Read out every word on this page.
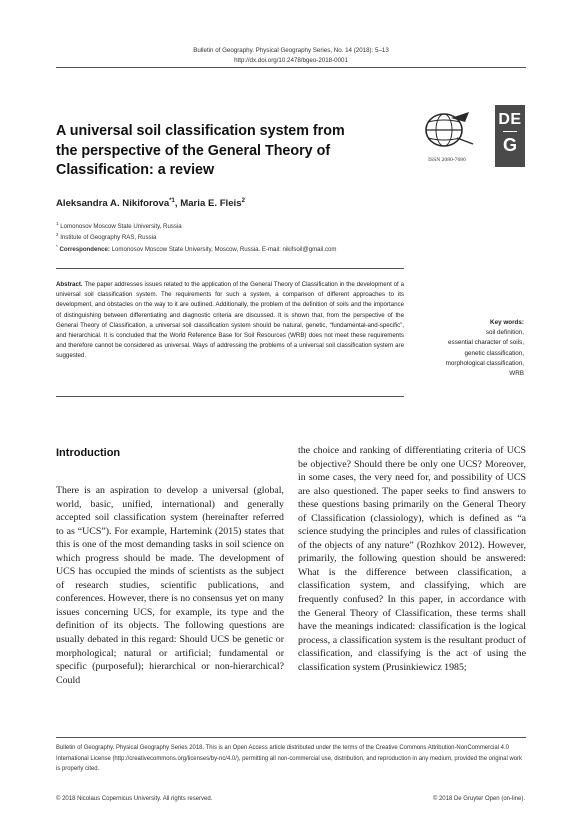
Bulletin of Geography. Physical Geography Series, No. 14 (2018): 5–13
http://dx.doi.org/10.2478/bgeo-2018-0001
ISSN 2080-7686
DE
G
A universal soil classification system from the perspective of the General Theory of Classification: a review
Aleksandra A. Nikiforova$^{*1}$, Maria E. Fleis$^2$
$^1$ Lomonosov Moscow State University, Russia
$^2$ Institute of Geography RAS, Russia
* Correspondence: Lomonosov Moscow State University, Moscow, Russia. E-mail: nikifsoil@gmail.com

Abstract. The paper addresses issues related to the application of the General Theory of Classification in the development of a universal soil classification system. The requirements for such a system, a comparison of different approaches to its development, and obstacles on the way to it are outlined. Additionally, the problem of the definition of soils and the importance of distinguishing between differentiating and diagnostic criteria are discussed. It is shown that, from the perspective of the General Theory of Classification, a universal soil classification system should be natural, genetic, “fundamental-and-specific”, and hierarchical. It is concluded that the World Reference Base for Soil Resources (WRB) does not meet these requirements and therefore cannot be considered as universal. Ways of addressing the problems of a universal soil classification system are suggested.

Key words:
soil definition,
essential character of soils,
genetic classification,
morphological classification,
WRB
Introduction

There is an aspiration to develop a universal (global, world, basic, unified, international) and generally accepted soil classification system (hereinafter referred to as “UCS”). For example, Hartemink (2015) states that this is one of the most demanding tasks in soil science on which progress should be made. The development of UCS has occupied the minds of scientists as the subject of research studies, scientific publications, and conferences. However, there is no consensus yet on many issues concerning UCS, for example, its type and the definition of its objects. The following questions are usually debated in this regard: Should UCS be genetic or morphological; natural or artificial; fundamental or specific (purposeful); hierarchical or non-hierarchical? Could

the choice and ranking of differentiating criteria of UCS be objective? Should there be only one UCS? Moreover, in some cases, the very need for, and possibility of UCS are also questioned. The paper seeks to find answers to these questions basing primarily on the General Theory of Classification (classiology), which is defined as “a science studying the principles and rules of classification of the objects of any nature” (Rozhkov 2012). However, primarily, the following question should be answered: What is the difference between classification, a classification system, and classifying, which are frequently confused? In this paper, in accordance with the General Theory of Classification, these terms shall have the meanings indicated: classification is the logical process, a classification system is the resultant product of classification, and classifying is the act of using the classification system (Prusinkiewicz 1985;

Bulletin of Geography. Physical Geography Series 2018. This is an Open Access article distributed under the terms of the Creative Commons Attribution-NonCommercial 4.0 International License (http://creativecommons.org/licenses/by-nc/4.0/), permitting all non-commercial use, distribution, and reproduction in any medium, provided the original work is properly cited.

© 2018 Nicolaus Copernicus University. All rights reserved.	© 2018 De Gruyter Open (on-line).
